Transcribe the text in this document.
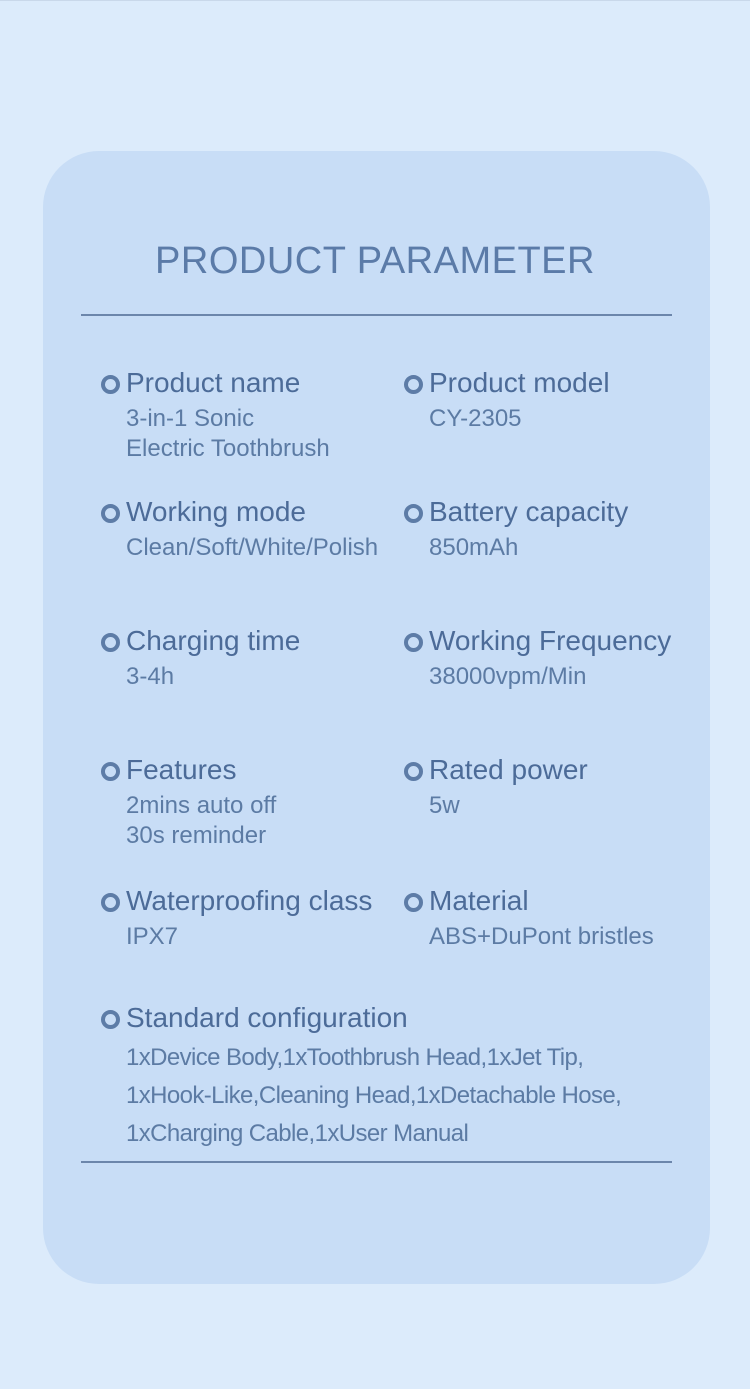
PRODUCT PARAMETER
Product name
3-in-1 Sonic
Electric Toothbrush
Product model
CY-2305
Working mode
Clean/Soft/White/Polish
Battery capacity
850mAh
Charging time
3-4h
Working Frequency
38000vpm/Min
Features
2mins auto off
30s reminder
Rated power
5w
Waterproofing class
IPX7
Material
ABS+DuPont bristles
Standard configuration
1xDevice Body,1xToothbrush Head,1xJet Tip,
1xHook-Like,Cleaning Head,1xDetachable Hose,
1xCharging Cable,1xUser Manual
